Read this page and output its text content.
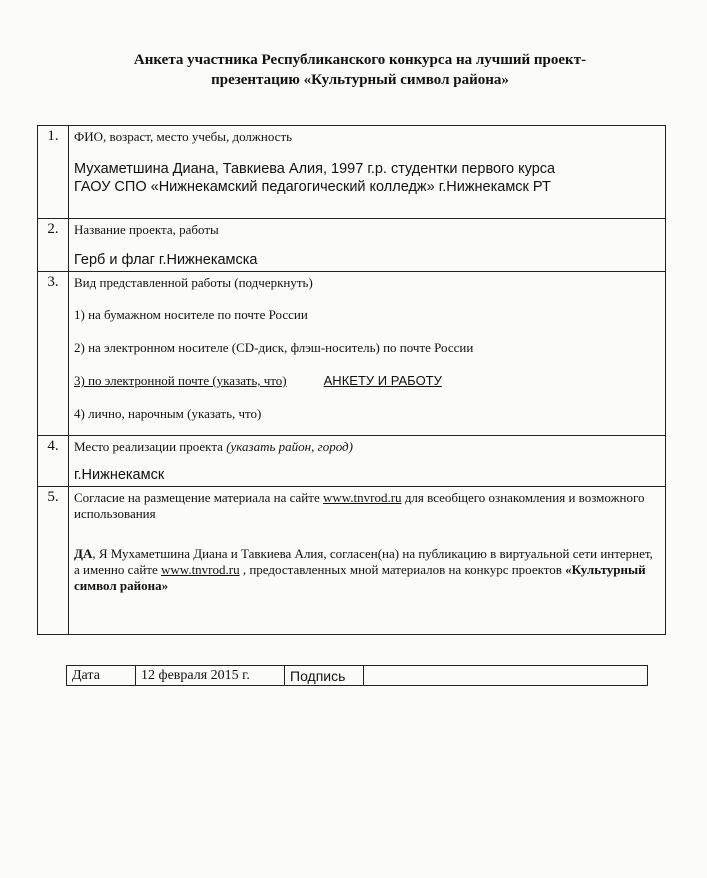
Анкета участника Республиканского конкурса на лучший проект-
презентацию «Культурный символ района»
1.	ФИО, возраст, место учебы, должность
Мухаметшина Диана, Тавкиева Алия, 1997 г.р. студентки первого курса
ГАОУ СПО «Нижнекамский педагогический колледж» г.Нижнекамск РТ

2.	Название проекта, работы
Герб и флаг г.Нижнекамска

3.	Вид представленной работы (подчеркнуть)
1) на бумажном носителе по почте России
2) на электронном носителе (CD-диск, флэш-носитель) по почте России
3) по электронной почте (указать, что) АНКЕТУ И РАБОТУ
4) лично, нарочным (указать, что)

4.	Место реализации проекта (указать район, город)
г.Нижнекамск

5.	Согласие на размещение материала на сайте www.tnvrod.ru для всеобщего ознакомления и возможного использования
ДА, Я Мухаметшина Диана и Тавкиева Алия, согласен(на) на публикацию в виртуальной сети интернет, а именно сайте www.tnvrod.ru , предоставленных мной материалов на конкурс проектов «Культурный символ района»
Дата	12 февраля 2015 г.	Подпись	
